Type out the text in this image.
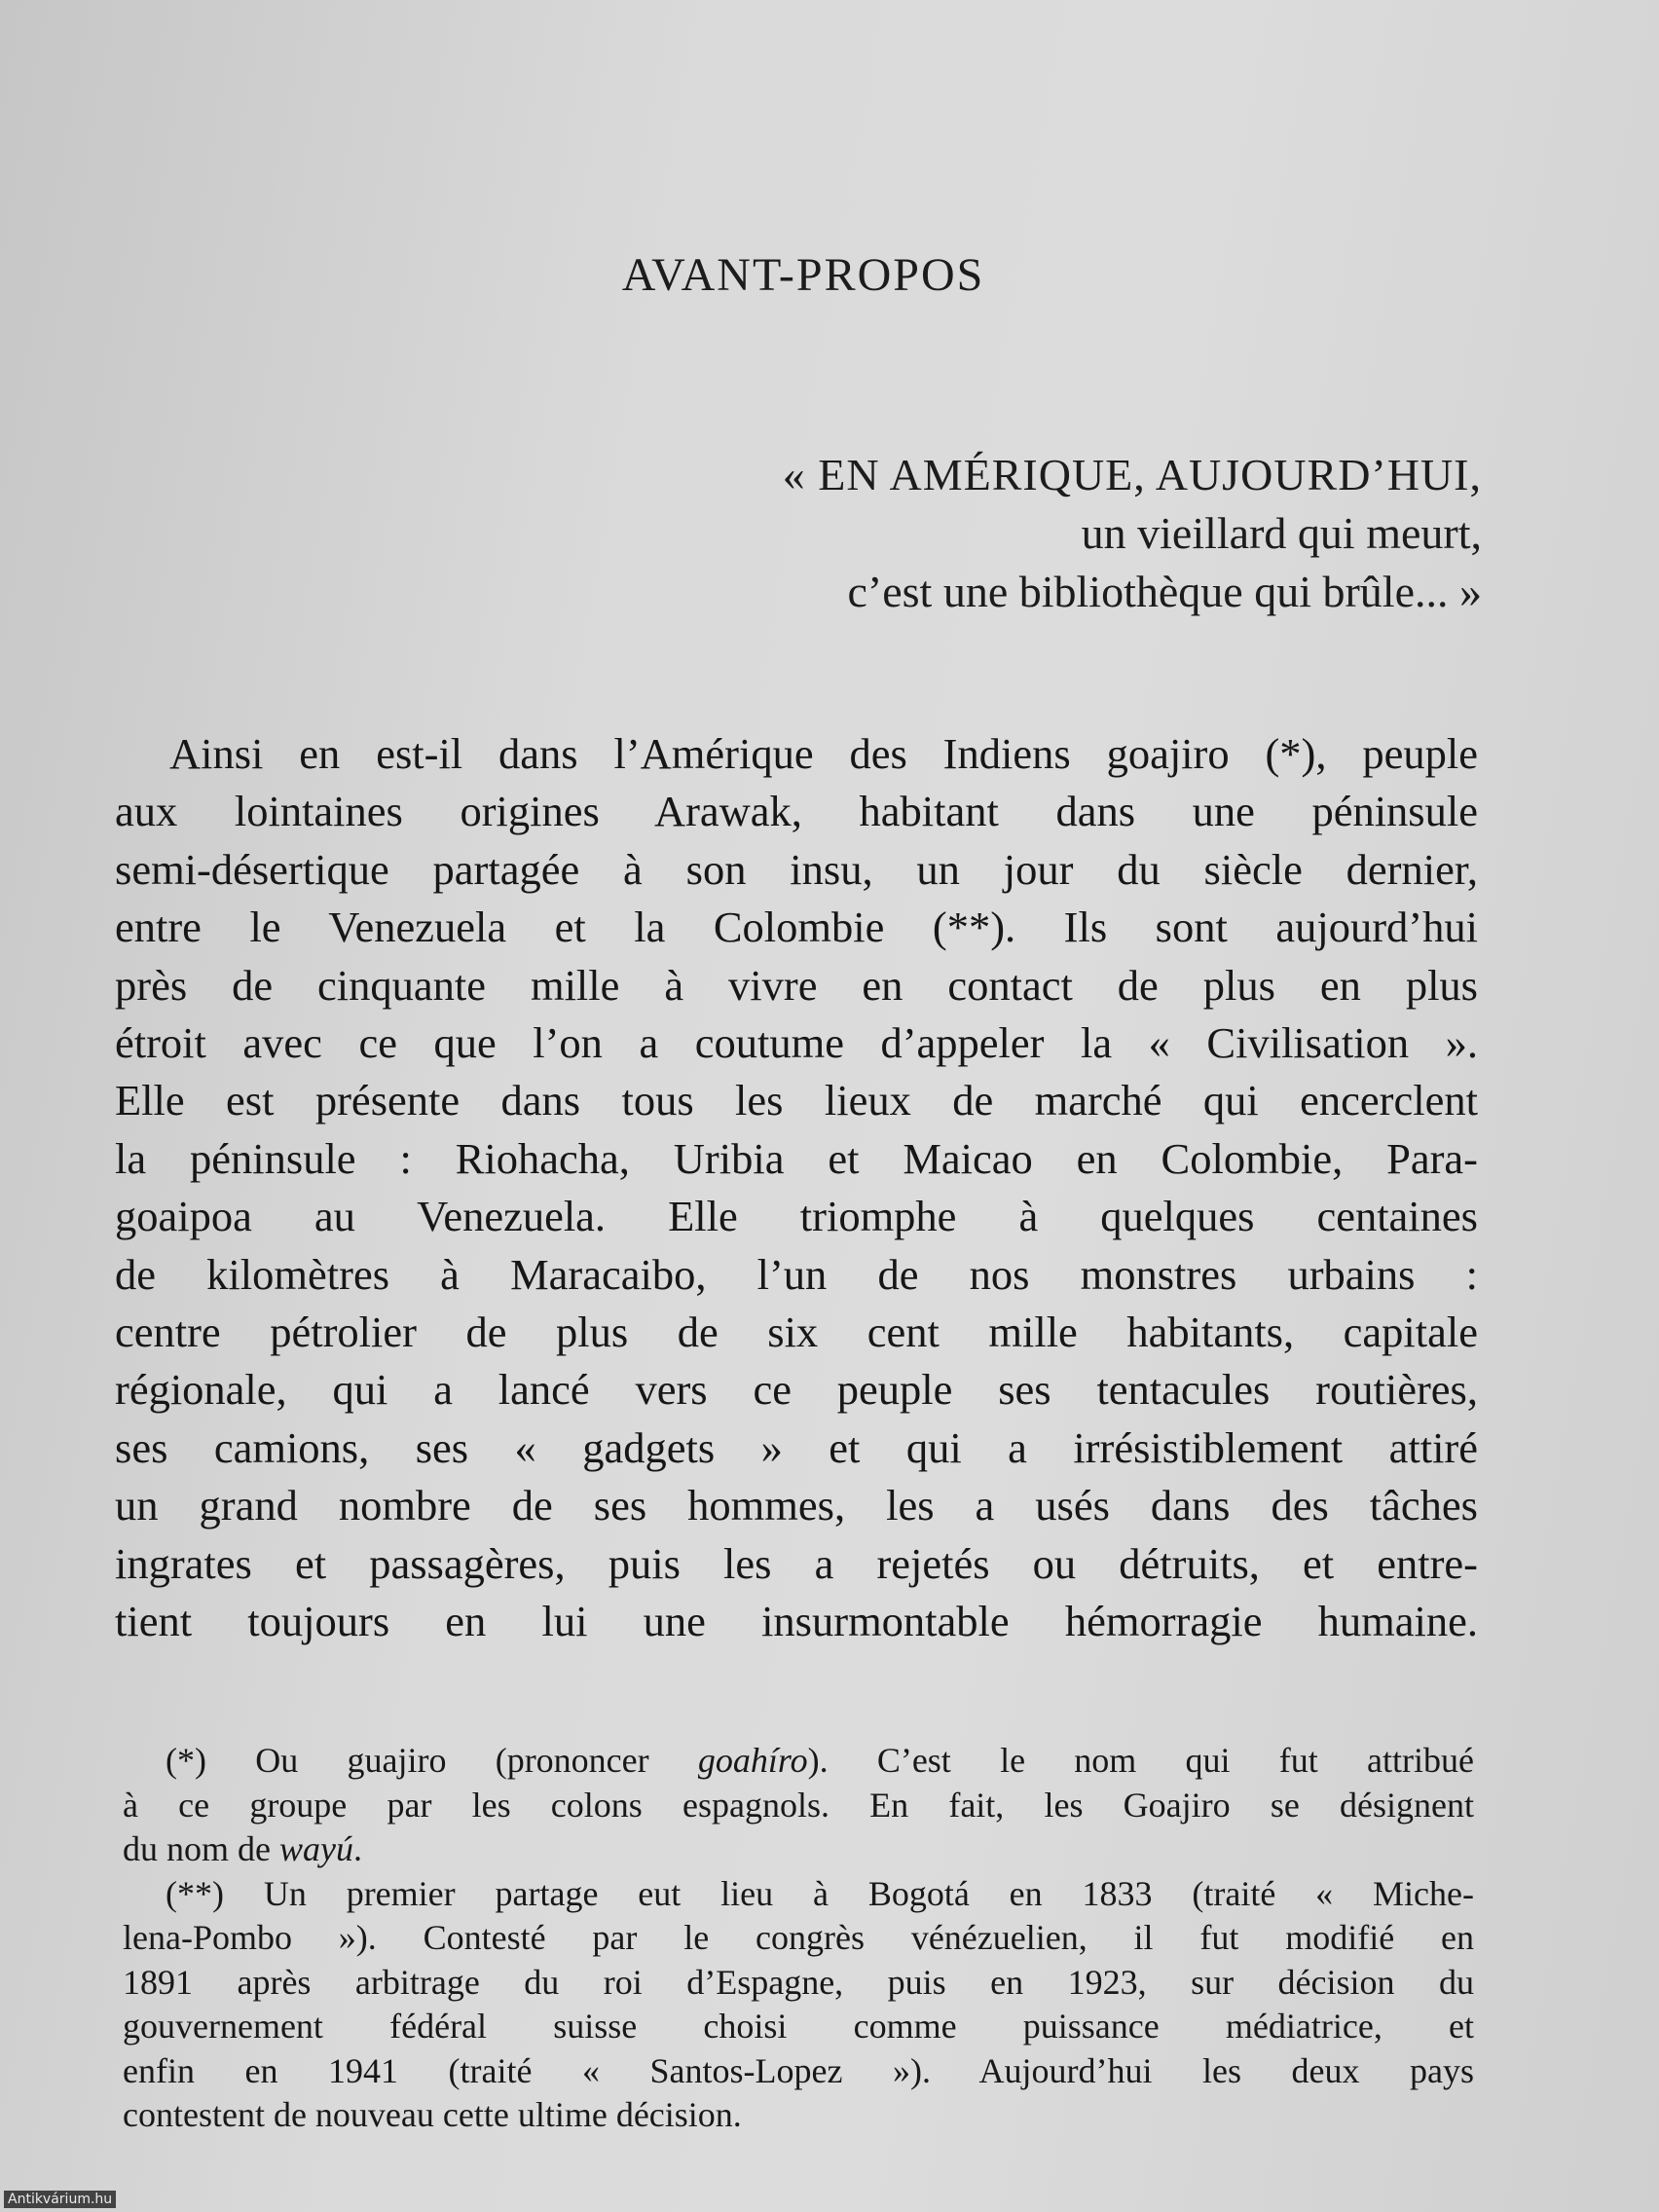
AVANT-PROPOS
« EN AMÉRIQUE, AUJOURD’HUI,
un vieillard qui meurt,
c’est une bibliothèque qui brûle... »
Ainsi en est-il dans l’Amérique des Indiens goajiro (*), peuple
aux lointaines origines Arawak, habitant dans une péninsule
semi-désertique partagée à son insu, un jour du siècle dernier,
entre le Venezuela et la Colombie (**). Ils sont aujourd’hui
près de cinquante mille à vivre en contact de plus en plus
étroit avec ce que l’on a coutume d’appeler la « Civilisation ».
Elle est présente dans tous les lieux de marché qui encerclent
la péninsule : Riohacha, Uribia et Maicao en Colombie, Para-
goaipoa au Venezuela. Elle triomphe à quelques centaines
de kilomètres à Maracaibo, l’un de nos monstres urbains :
centre pétrolier de plus de six cent mille habitants, capitale
régionale, qui a lancé vers ce peuple ses tentacules routières,
ses camions, ses « gadgets » et qui a irrésistiblement attiré
un grand nombre de ses hommes, les a usés dans des tâches
ingrates et passagères, puis les a rejetés ou détruits, et entre-
tient toujours en lui une insurmontable hémorragie humaine.
(*) Ou guajiro (prononcer goahíro). C’est le nom qui fut attribué
à ce groupe par les colons espagnols. En fait, les Goajiro se désignent
du nom de wayú.
(**) Un premier partage eut lieu à Bogotá en 1833 (traité « Miche-
lena-Pombo »). Contesté par le congrès vénézuelien, il fut modifié en
1891 après arbitrage du roi d’Espagne, puis en 1923, sur décision du
gouvernement fédéral suisse choisi comme puissance médiatrice, et
enfin en 1941 (traité « Santos-Lopez »). Aujourd’hui les deux pays
contestent de nouveau cette ultime décision.
Antikvárium.hu
